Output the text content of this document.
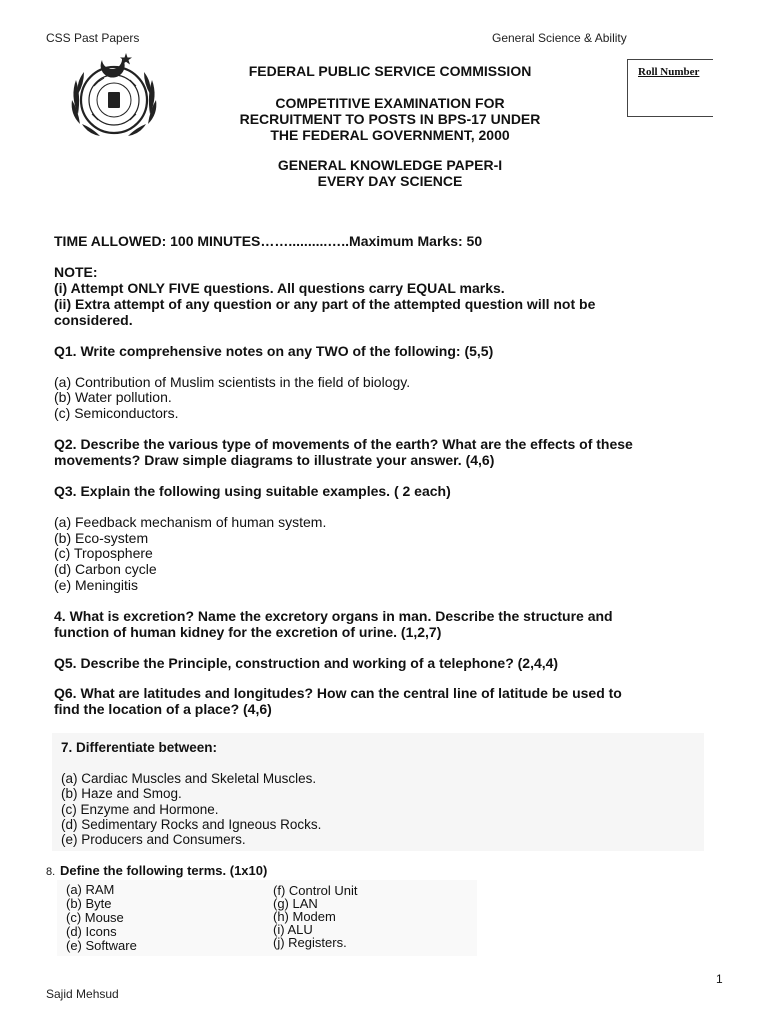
CSS Past Papers	General Science & Ability
FEDERAL PUBLIC SERVICE COMMISSION
COMPETITIVE EXAMINATION FOR
RECRUITMENT TO POSTS IN BPS-17 UNDER
THE FEDERAL GOVERNMENT, 2000
GENERAL KNOWLEDGE PAPER-I
EVERY DAY SCIENCE
Roll Number
TIME ALLOWED: 100 MINUTES……..........…..Maximum Marks: 50
NOTE:
(i) Attempt ONLY FIVE questions. All questions carry EQUAL marks.
(ii) Extra attempt of any question or any part of the attempted question will not be
considered.
Q1. Write comprehensive notes on any TWO of the following: (5,5)
(a) Contribution of Muslim scientists in the field of biology.
(b) Water pollution.
(c) Semiconductors.
Q2. Describe the various type of movements of the earth? What are the effects of these
movements? Draw simple diagrams to illustrate your answer. (4,6)
Q3. Explain the following using suitable examples. ( 2 each)
(a) Feedback mechanism of human system.
(b) Eco-system
(c) Troposphere
(d) Carbon cycle
(e) Meningitis
4. What is excretion? Name the excretory organs in man. Describe the structure and
function of human kidney for the excretion of urine. (1,2,7)
Q5. Describe the Principle, construction and working of a telephone? (2,4,4)
Q6. What are latitudes and longitudes? How can the central line of latitude be used to
find the location of a place? (4,6)
7. Differentiate between:
(a) Cardiac Muscles and Skeletal Muscles.
(b) Haze and Smog.
(c) Enzyme and Hormone.
(d) Sedimentary Rocks and Igneous Rocks.
(e) Producers and Consumers.
8. Define the following terms. (1x10)
(a) RAM
(b) Byte
(c) Mouse
(d) Icons
(e) Software
(f) Control Unit
(g) LAN
(h) Modem
(i) ALU
(j) Registers.
1
Sajid Mehsud
